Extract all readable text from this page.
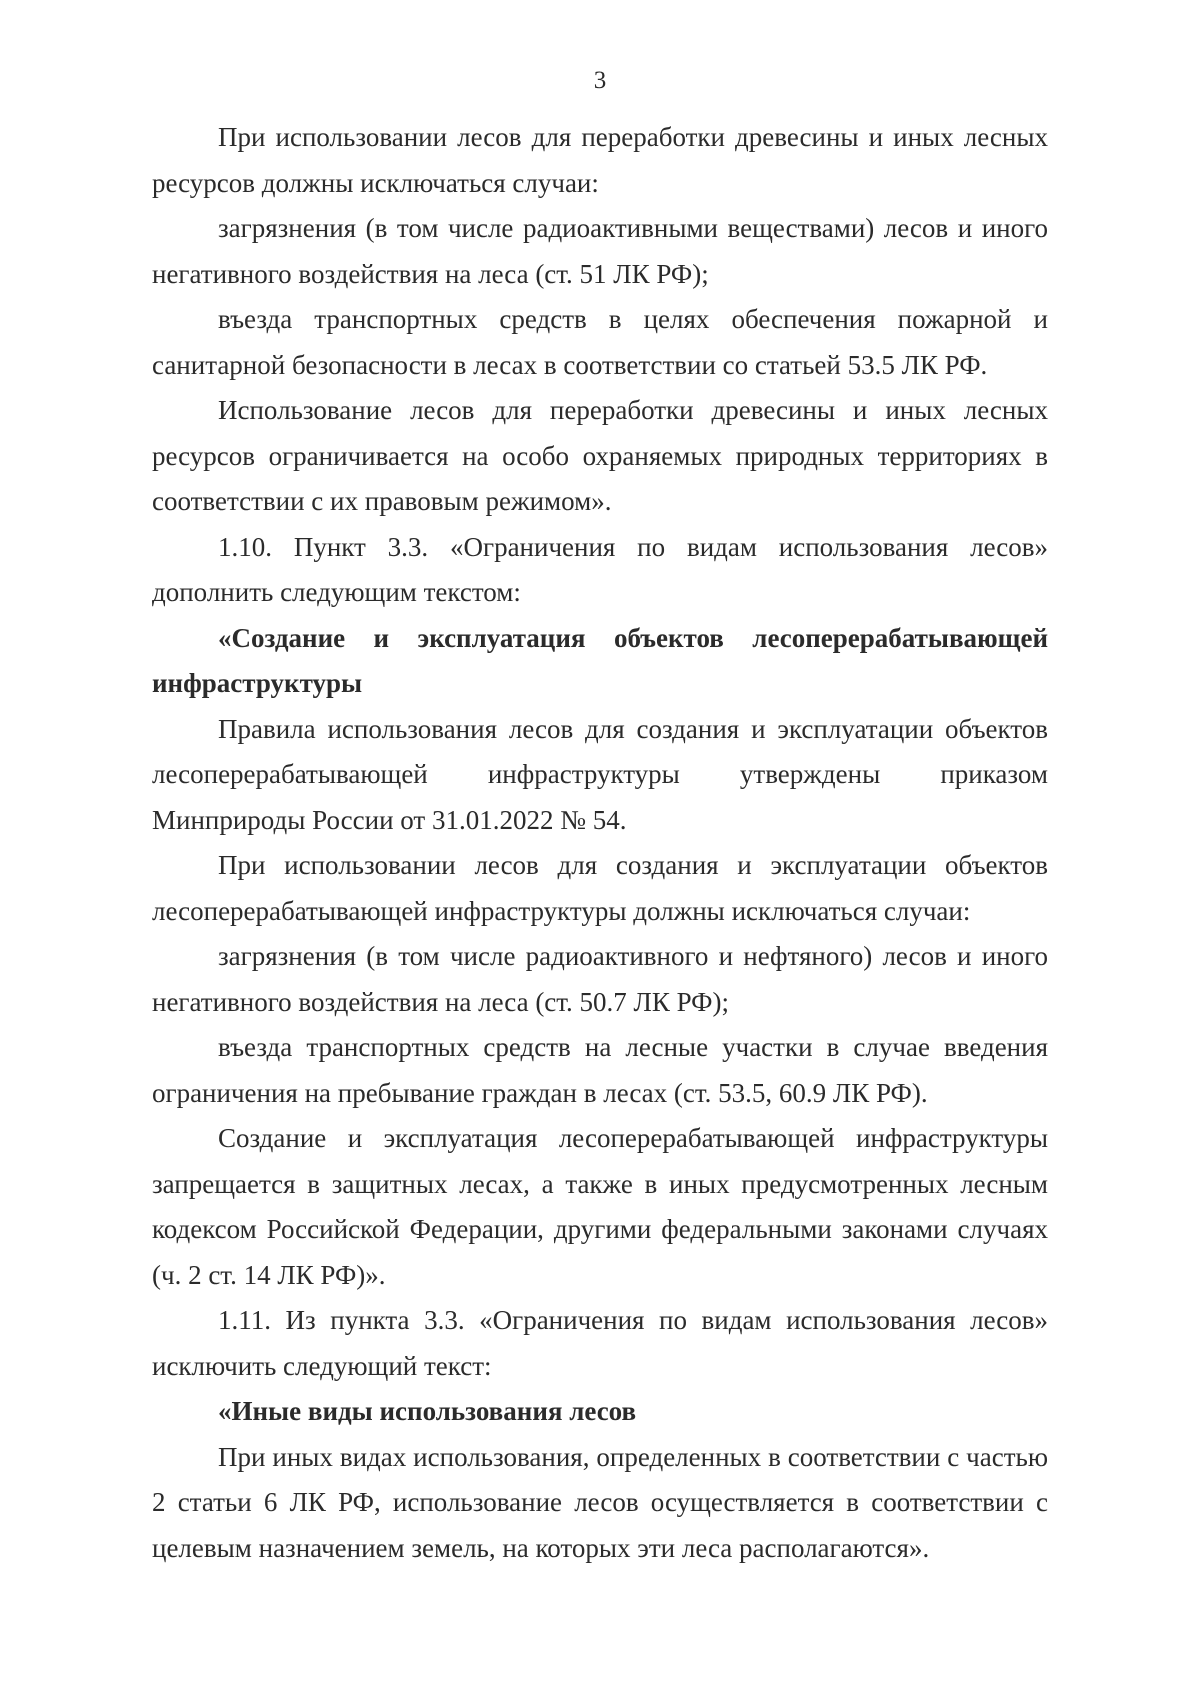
3

При использовании лесов для переработки древесины и иных лесных ресурсов должны исключаться случаи:

загрязнения (в том числе радиоактивными веществами) лесов и иного негативного воздействия на леса (ст. 51 ЛК РФ);

въезда транспортных средств в целях обеспечения пожарной и санитарной безопасности в лесах в соответствии со статьей 53.5 ЛК РФ.

Использование лесов для переработки древесины и иных лесных ресурсов ограничивается на особо охраняемых природных территориях в соответствии с их правовым режимом».

1.10. Пункт 3.3. «Ограничения по видам использования лесов» дополнить следующим текстом:

«Создание и эксплуатация объектов лесоперерабатывающей инфраструктуры

Правила использования лесов для создания и эксплуатации объектов лесоперерабатывающей инфраструктуры утверждены приказом Минприроды России от 31.01.2022 № 54.

При использовании лесов для создания и эксплуатации объектов лесоперерабатывающей инфраструктуры должны исключаться случаи:

загрязнения (в том числе радиоактивного и нефтяного) лесов и иного негативного воздействия на леса (ст. 50.7 ЛК РФ);

въезда транспортных средств на лесные участки в случае введения ограничения на пребывание граждан в лесах (ст. 53.5, 60.9 ЛК РФ).

Создание и эксплуатация лесоперерабатывающей инфраструктуры запрещается в защитных лесах, а также в иных предусмотренных лесным кодексом Российской Федерации, другими федеральными законами случаях (ч. 2 ст. 14 ЛК РФ)».

1.11. Из пункта 3.3. «Ограничения по видам использования лесов» исключить следующий текст:

«Иные виды использования лесов

При иных видах использования, определенных в соответствии с частью 2 статьи 6 ЛК РФ, использование лесов осуществляется в соответствии с целевым назначением земель, на которых эти леса располагаются».
